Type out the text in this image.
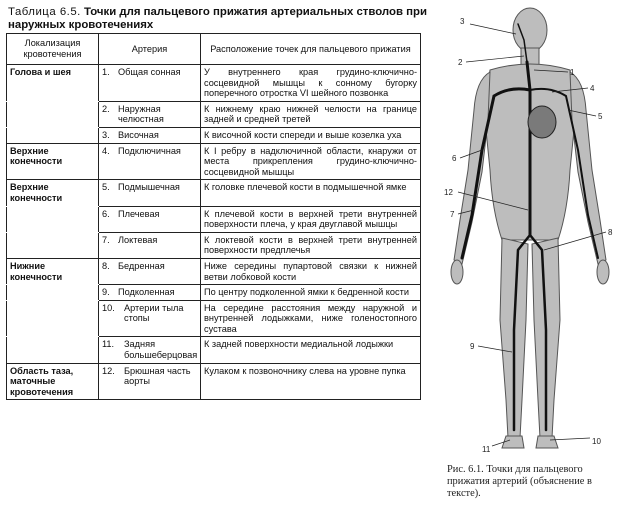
Таблица 6.5. Точки для пальцевого прижатия артериальных стволов при наружных кровотечениях
Локализация кровотечения	Артерия	Расположение точек для пальцевого прижатия
Голова и шея	1. Общая сонная	У внутреннего края грудино-ключично-сосцевидной мышцы к сонному бугорку поперечного отростка VI шейного позвонка

	2. Наружная челюстная	К нижнему краю нижней челюсти на границе задней и средней третей

	3. Височная	К височной кости спереди и выше козелка уха
Верхние конечности	4. Подключичная	К I ребру в надключичной области, кнаружи от места прикрепления грудино-ключично-сосцевидной мышцы
Верхние конечности	5. Подмышечная	К головке плечевой кости в подмышечной ямке

	6. Плечевая	К плечевой кости в верхней трети внутренней поверхности плеча, у края двуглавой мышцы

	7. Локтевая	К локтевой кости в верхней трети внутренней поверхности предплечья
Нижние конечности	8. Бедренная	Ниже середины пупартовой связки к нижней ветви лобковой кости

	9. Подколенная	По центру подколенной ямки к бедренной кости

	10. Артерии тыла стопы	На середине расстояния между наружной и внутренней лодыжками, ниже голеностопного сустава

	11. Задняя большеберцовая	К задней поверхности медиальной лодыжки
Область таза, маточные кровотечения	12. Брюшная часть аорты	Кулаком к позвоночнику слева на уровне пупка
3
2
1
4
5
6
12
7
8
9
10
11
Рис. 6.1. Точки для пальцевого прижатия артерий (объяснение в тексте).
